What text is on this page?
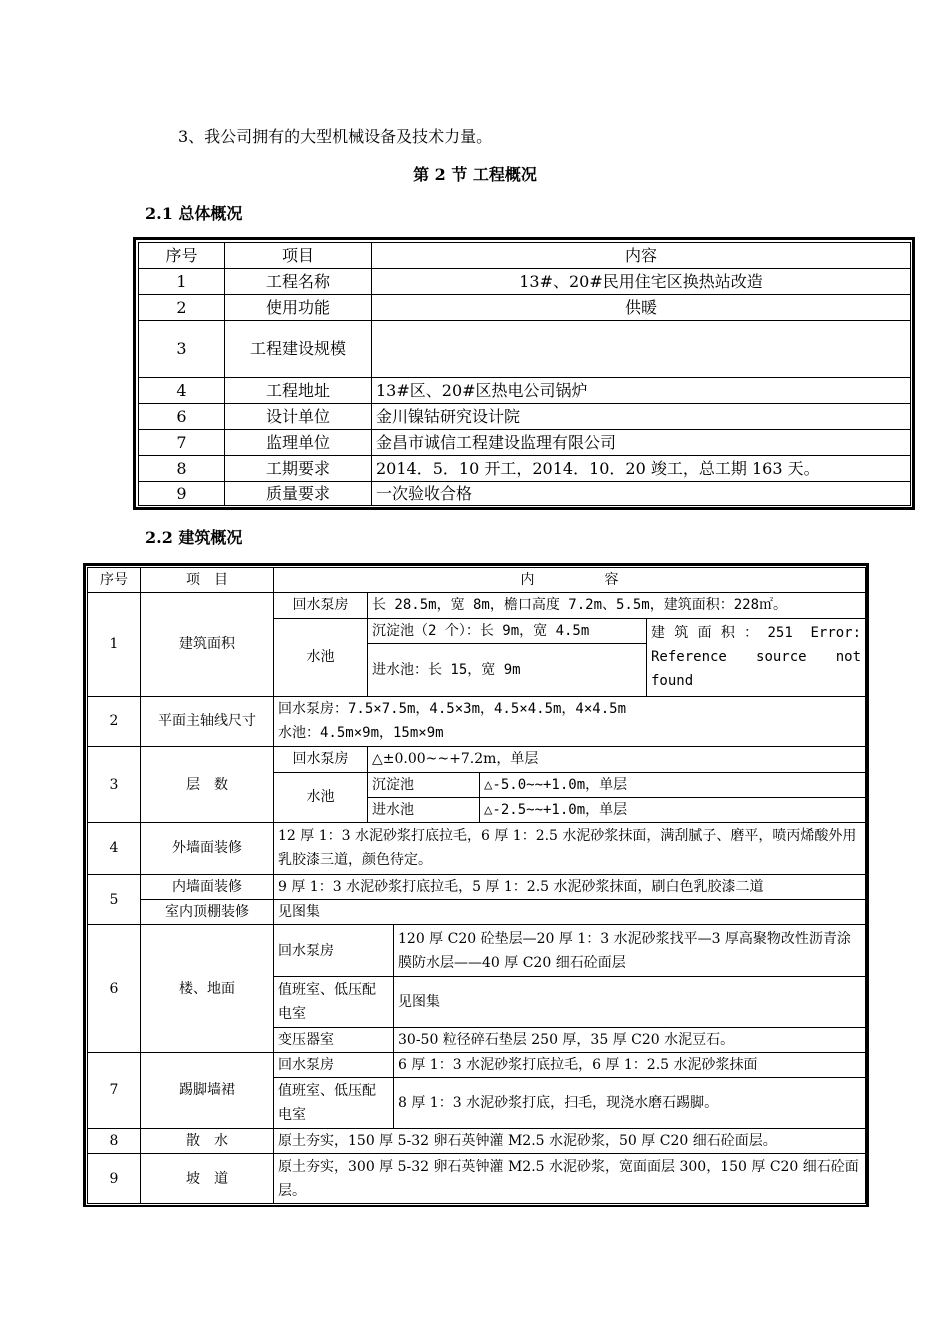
3、我公司拥有的大型机械设备及技术力量。
第 2 节 工程概况
2.1 总体概况
序号	项目	内容
1	工程名称	13#、20#民用住宅区换热站改造
2	使用功能	供暖
3	工程建设规模	
4	工程地址	13#区、20#区热电公司锅炉
6	设计单位	金川镍钴研究设计院
7	监理单位	金昌市诚信工程建设监理有限公司
8	工期要求	2014．5．10 开工，2014．10．20 竣工，总工期 163 天。
9	质量要求	一次验收合格
2.2 建筑概况
序号	项　目	内　　　　　容				
1	建筑面积	回水泵房	长 28.5m，宽 8m，檐口高度 7.2m、5.5m，建筑面积：228㎡。			
		水池	沉淀池（2 个）：长 9m，宽 4.5m			建筑面积：251 Error: Reference source not found
			进水池：长 15，宽 9m			
2	平面主轴线尺寸	回水泵房：7.5×7.5m，4.5×3m，4.5×4.5m，4×4.5m
水池：4.5m×9m，15m×9m				

3	层　数	回水泵房	△±0.00~~+7.2m，单层			
		水池	沉淀池		△-5.0~~+1.0m，单层	
			进水池		△-2.5~~+1.0m，单层	
4	外墙面装修	12 厚 1：3 水泥砂浆打底拉毛，6 厚 1：2.5 水泥砂浆抹面，满刮腻子、磨平，喷丙烯酸外用乳胶漆三道，颜色待定。				
5	内墙面装修	9 厚 1：3 水泥砂浆打底拉毛，5 厚 1：2.5 水泥砂浆抹面，刷白色乳胶漆二道				
	室内顶棚装修	见图集				
6	楼、地面	回水泵房		120 厚 C20 砼垫层—20 厚 1：3 水泥砂浆找平—3 厚高聚物改性沥青涂膜防水层——40 厚 C20 细石砼面层		
		值班室、低压配电室		见图集		
		变压器室		30-50 粒径碎石垫层 250 厚，35 厚 C20 水泥豆石。		
7	踢脚墙裙	回水泵房		6 厚 1：3 水泥砂浆打底拉毛，6 厚 1：2.5 水泥砂浆抹面		
		值班室、低压配电室		8 厚 1：3 水泥砂浆打底，扫毛，现浇水磨石踢脚。		
8	散　水	原土夯实，150 厚 5-32 卵石英钟灌 M2.5 水泥砂浆，50 厚 C20 细石砼面层。				
9	坡　道	原土夯实，300 厚 5-32 卵石英钟灌 M2.5 水泥砂浆，宽面面层 300，150 厚 C20 细石砼面层。				
